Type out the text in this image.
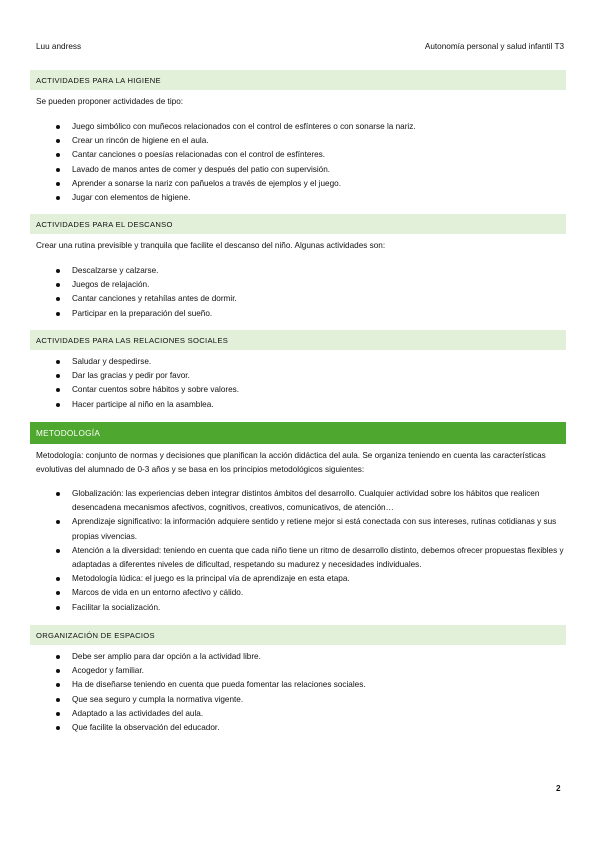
Luu andress	Autonomía personal y salud infantil T3
ACTIVIDADES PARA LA HIGIENE

Se pueden proponer actividades de tipo:

Juego simbólico con muñecos relacionados con el control de esfínteres o con sonarse la nariz.
Crear un rincón de higiene en el aula.
Cantar canciones o poesías relacionadas con el control de esfínteres.
Lavado de manos antes de comer y después del patio con supervisión.
Aprender a sonarse la nariz con pañuelos a través de ejemplos y el juego.
Jugar con elementos de higiene.
ACTIVIDADES PARA EL DESCANSO

Crear una rutina previsible y tranquila que facilite el descanso del niño. Algunas actividades son:

Descalzarse y calzarse.
Juegos de relajación.
Cantar canciones y retahílas antes de dormir.
Participar en la preparación del sueño.
ACTIVIDADES PARA LAS RELACIONES SOCIALES
Saludar y despedirse.
Dar las gracias y pedir por favor.
Contar cuentos sobre hábitos y sobre valores.
Hacer participe al niño en la asamblea.
METODOLOGÍA

Metodología: conjunto de normas y decisiones que planifican la acción didáctica del aula. Se organiza teniendo en cuenta las características evolutivas del alumnado de 0-3 años y se basa en los principios metodológicos siguientes:

Globalización: las experiencias deben integrar distintos ámbitos del desarrollo. Cualquier actividad sobre los hábitos que realicen desencadena mecanismos afectivos, cognitivos, creativos, comunicativos, de atención…
Aprendizaje significativo: la información adquiere sentido y retiene mejor si está conectada con sus intereses, rutinas cotidianas y sus propias vivencias.
Atención a la diversidad: teniendo en cuenta que cada niño tiene un ritmo de desarrollo distinto, debemos ofrecer propuestas flexibles y adaptadas a diferentes niveles de dificultad, respetando su madurez y necesidades individuales.
Metodología lúdica: el juego es la principal vía de aprendizaje en esta etapa.
Marcos de vida en un entorno afectivo y cálido.
Facilitar la socialización.
ORGANIZACIÓN DE ESPACIOS
Debe ser amplio para dar opción a la actividad libre.
Acogedor y familiar.
Ha de diseñarse teniendo en cuenta que pueda fomentar las relaciones sociales.
Que sea seguro y cumpla la normativa vigente.
Adaptado a las actividades del aula.
Que facilite la observación del educador.
2
